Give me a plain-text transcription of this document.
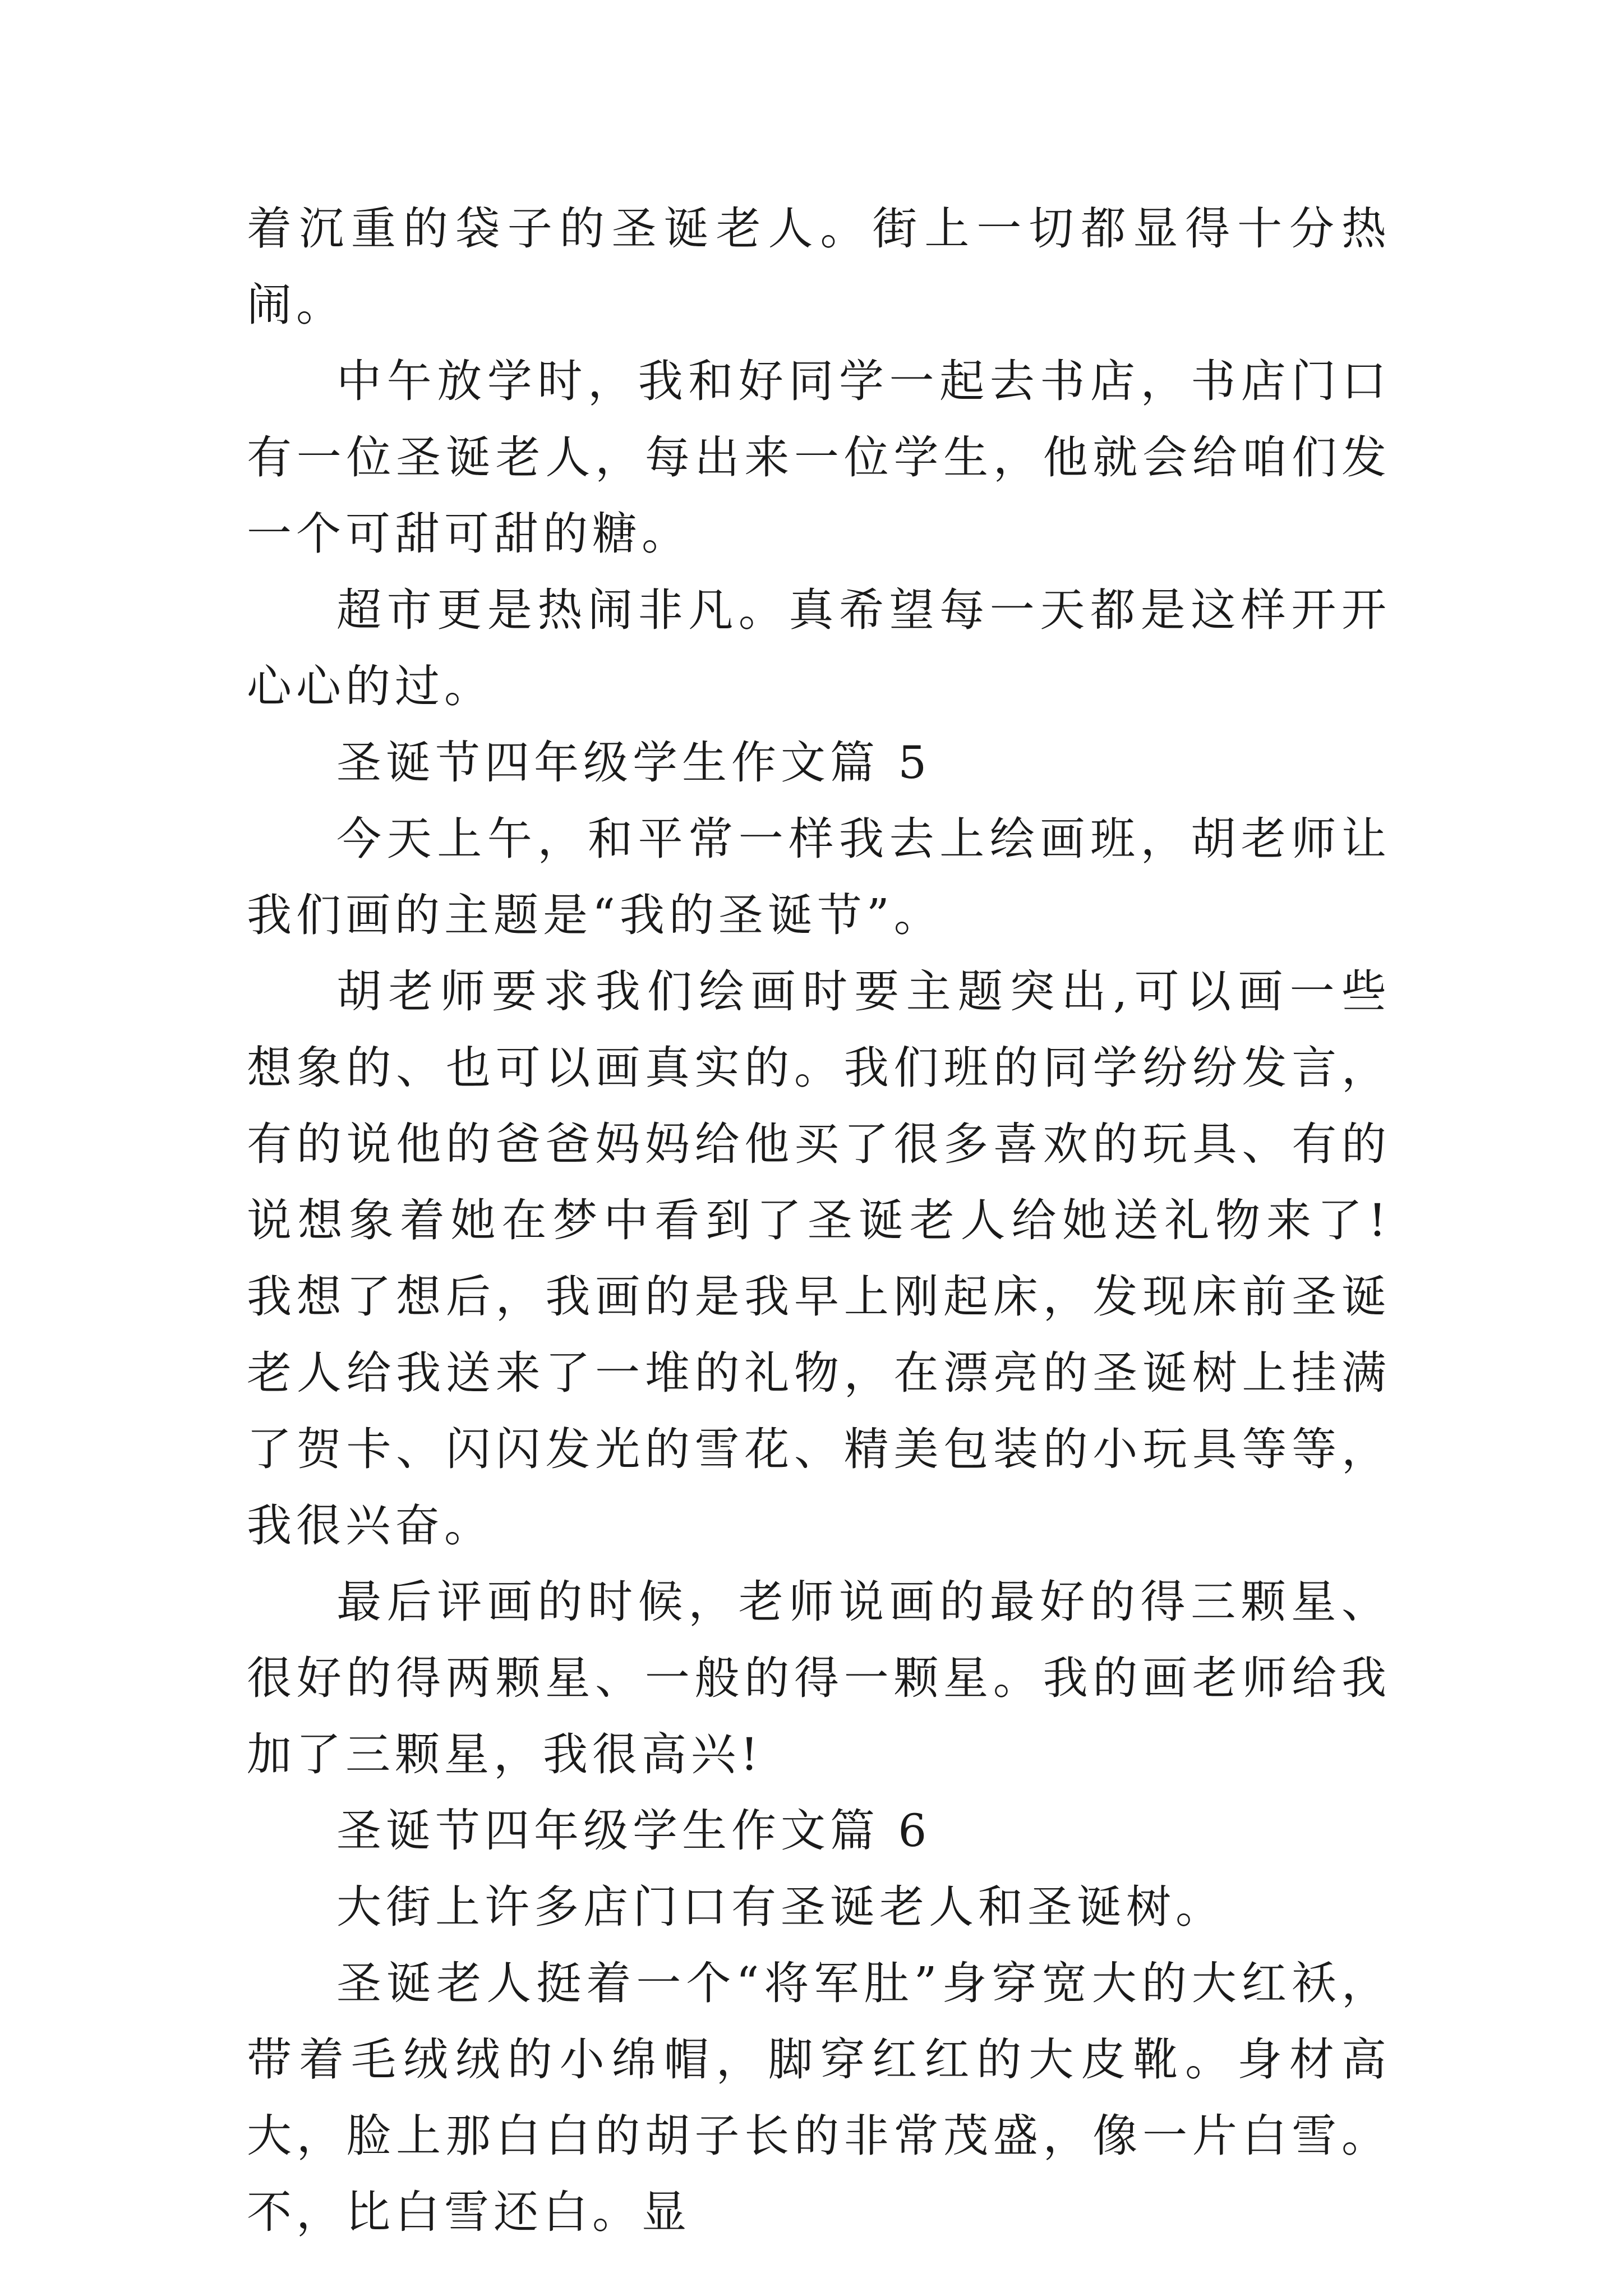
着沉重的袋子的圣诞老人。街上一切都显得十分热闹。

中午放学时，我和好同学一起去书店，书店门口有一位圣诞老人，每出来一位学生，他就会给咱们发一个可甜可甜的糖。

超市更是热闹非凡。真希望每一天都是这样开开心心的过。

圣诞节四年级学生作文篇 5

今天上午，和平常一样我去上绘画班，胡老师让我们画的主题是“我的圣诞节”。

胡老师要求我们绘画时要主题突出,可以画一些想象的、也可以画真实的。我们班的同学纷纷发言，有的说他的爸爸妈妈给他买了很多喜欢的玩具、有的说想象着她在梦中看到了圣诞老人给她送礼物来了!我想了想后，我画的是我早上刚起床，发现床前圣诞老人给我送来了一堆的礼物，在漂亮的圣诞树上挂满了贺卡、闪闪发光的雪花、精美包装的小玩具等等，我很兴奋。

最后评画的时候，老师说画的最好的得三颗星、很好的得两颗星、一般的得一颗星。我的画老师给我加了三颗星，我很高兴!

圣诞节四年级学生作文篇 6

大街上许多店门口有圣诞老人和圣诞树。

圣诞老人挺着一个“将军肚”身穿宽大的大红袄，带着毛绒绒的小绵帽，脚穿红红的大皮靴。身材高大，脸上那白白的胡子长的非常茂盛，像一片白雪。不，比白雪还白。显
